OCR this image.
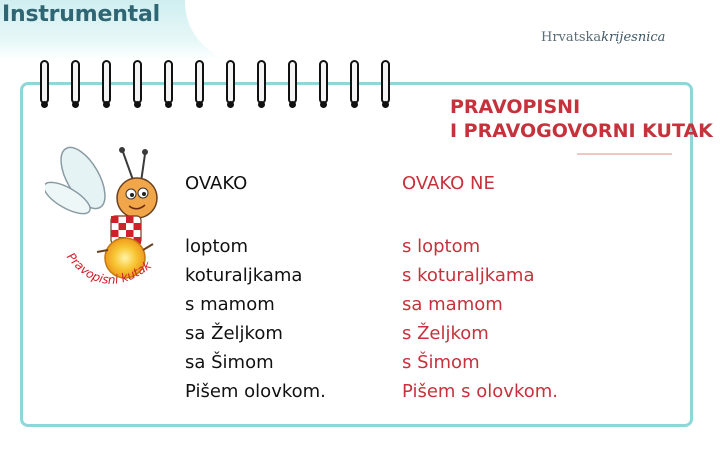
Instrumental
Hrvatskakrijesnica
PRAVOPISNI
I PRAVOGOVORNI KUTAK
Pravopisni kutak
OVAKO	OVAKO NE
loptom
koturaljkama
s mamom
sa Željkom
sa Šimom
Pišem olovkom.
s loptom
s koturaljkama
sa mamom
s Željkom
s Šimom
Pišem s olovkom.
